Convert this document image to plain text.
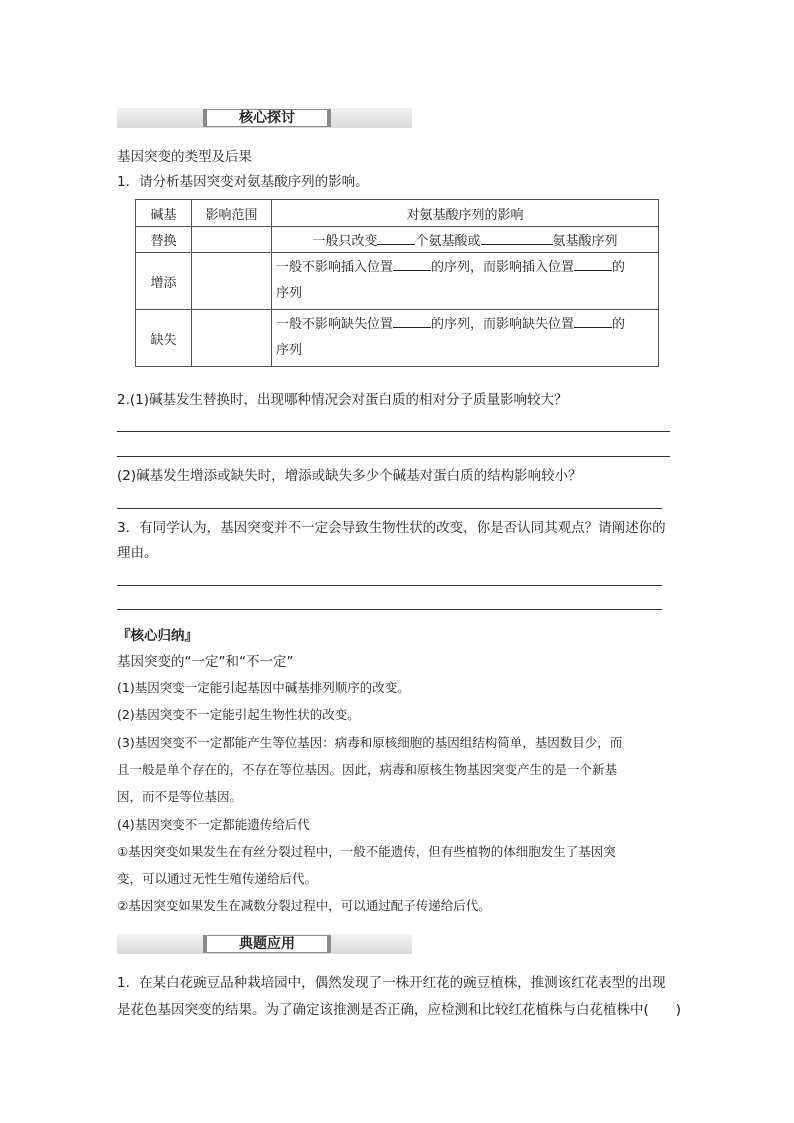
核心探讨
基因突变的类型及后果
1．请分析基因突变对氨基酸序列的影响。
碱基	影响范围	对氨基酸序列的影响
替换		一般只改变 个氨基酸或 氨基酸序列
增添		一般不影响插入位置 的序列，而影响插入位置 的
序列
缺失		一般不影响缺失位置 的序列，而影响缺失位置 的
序列
2.(1)碱基发生替换时，出现哪种情况会对蛋白质的相对分子质量影响较大？
(2)碱基发生增添或缺失时，增添或缺失多少个碱基对蛋白质的结构影响较小？
3．有同学认为，基因突变并不一定会导致生物性状的改变，你是否认同其观点？请阐述你的
理由。
『核心归纳』
基因突变的“一定”和“不一定”
(1)基因突变一定能引起基因中碱基排列顺序的改变。
(2)基因突变不一定能引起生物性状的改变。
(3)基因突变不一定都能产生等位基因：病毒和原核细胞的基因组结构简单，基因数目少，而
且一般是单个存在的，不存在等位基因。因此，病毒和原核生物基因突变产生的是一个新基
因，而不是等位基因。
(4)基因突变不一定都能遗传给后代
①基因突变如果发生在有丝分裂过程中，一般不能遗传，但有些植物的体细胞发生了基因突
变，可以通过无性生殖传递给后代。
②基因突变如果发生在减数分裂过程中，可以通过配子传递给后代。
典题应用
1．在某白花豌豆品种栽培园中，偶然发现了一株开红花的豌豆植株，推测该红花表型的出现
是花色基因突变的结果。为了确定该推测是否正确，应检测和比较红花植株与白花植株中(　　)
